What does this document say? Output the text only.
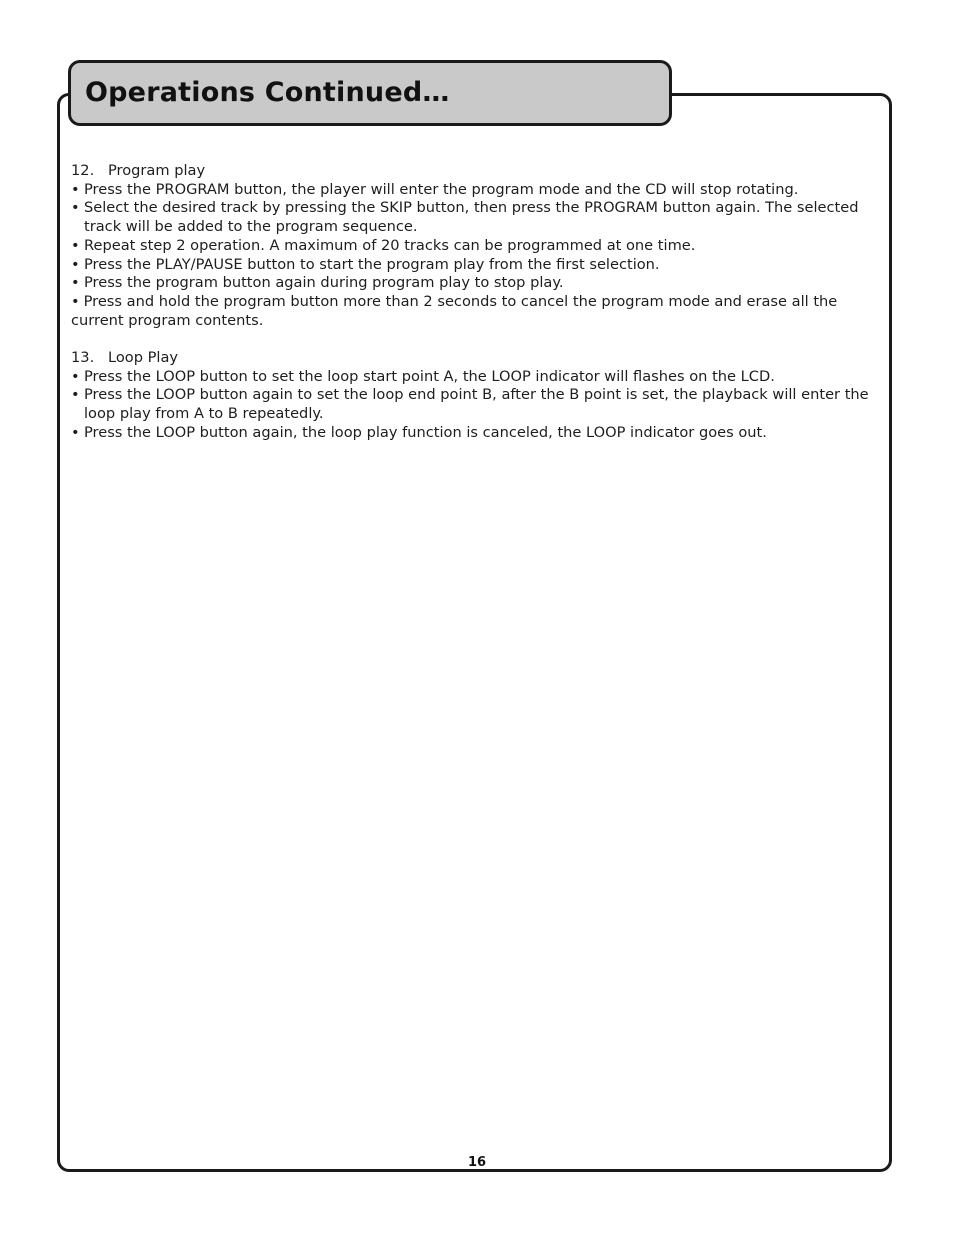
Operations Continued…

12. Program play

• Press the PROGRAM button, the player will enter the program mode and the CD will stop rotating.
• Select the desired track by pressing the SKIP button, then press the PROGRAM button again. The selected track will be added to the program sequence.
• Repeat step 2 operation. A maximum of 20 tracks can be programmed at one time.
• Press the PLAY/PAUSE button to start the program play from the first selection.
• Press the program button again during program play to stop play.
• Press and hold the program button more than 2 seconds to cancel the program mode and erase all the current program contents.

13. Loop Play

• Press the LOOP button to set the loop start point A, the LOOP indicator will flashes on the LCD.
• Press the LOOP button again to set the loop end point B, after the B point is set, the playback will enter the loop play from A to B repeatedly.
• Press the LOOP button again, the loop play function is canceled, the LOOP indicator goes out.
16
